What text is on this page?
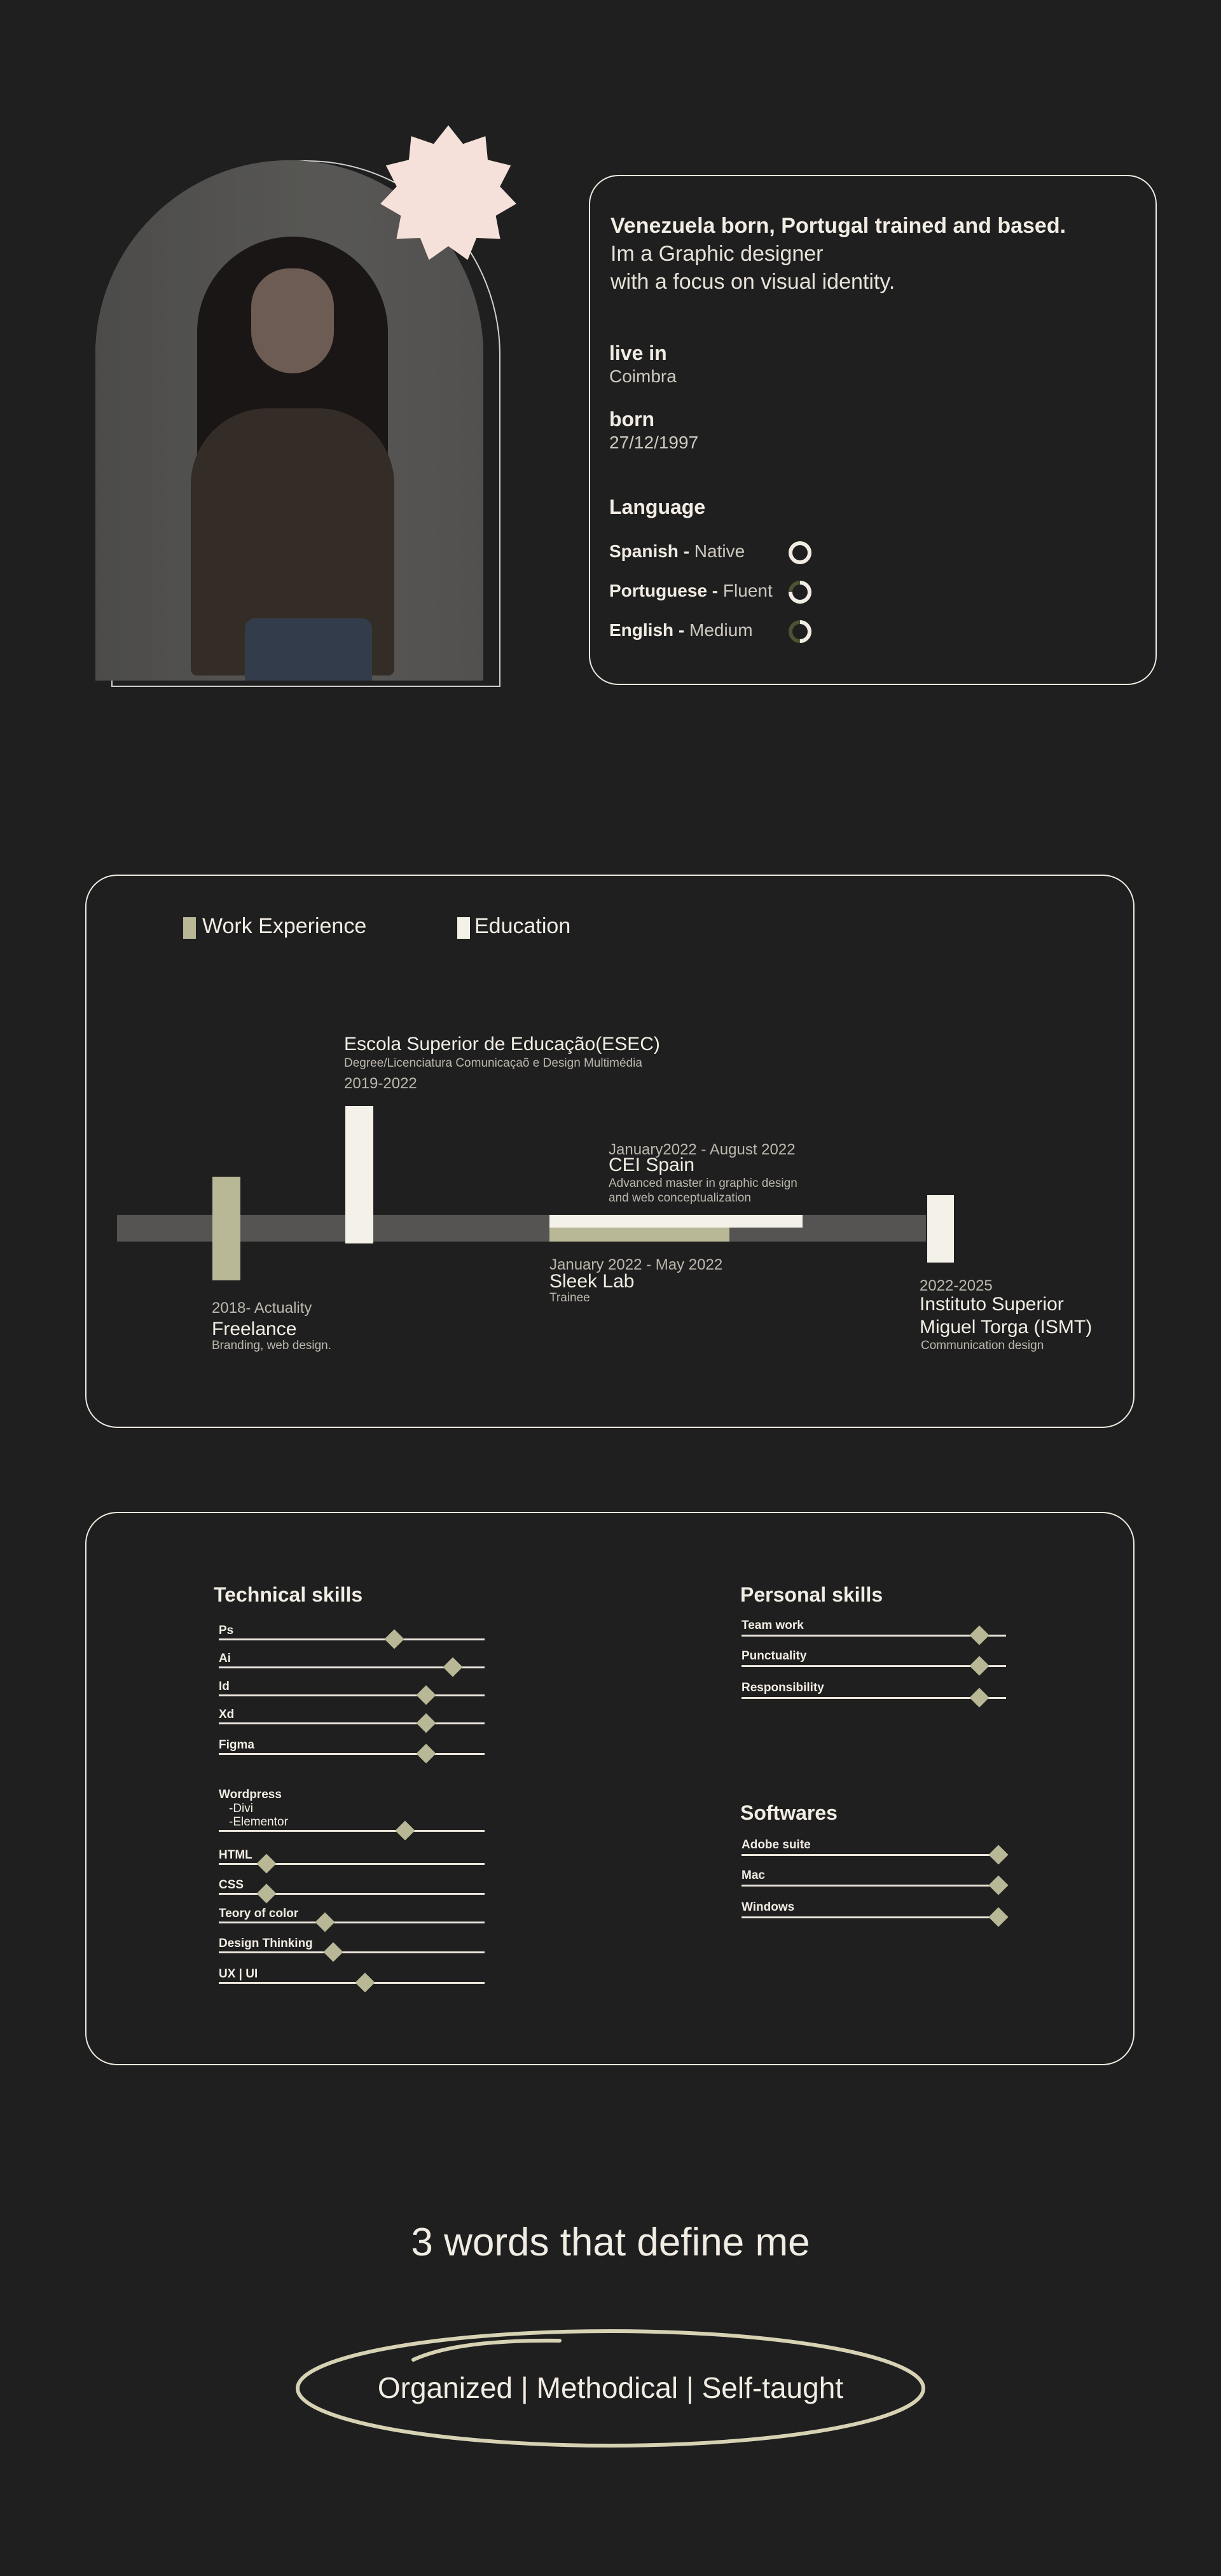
Venezuela born, Portugal trained and based.
Im a Graphic designer
with a focus on visual identity.
live in
Coimbra
born
27/12/1997
Language
Spanish - Native
Portuguese - Fluent
English - Medium
Work Experience	Education
Escola Superior de Educação(ESEC)
Degree/Licenciatura Comunicaçaõ e Design Multimédia
2019-2022
2018- Actuality
Freelance
Branding, web design.
January2022 - August 2022
CEI Spain
Advanced master in graphic design
and web conceptualization
January 2022 - May 2022
Sleek Lab
Trainee
2022-2025
Instituto Superior
Miguel Torga (ISMT)
Communication design
Technical skills	Personal skills
Softwares
Ps
Ai
Id
Xd
Figma
HTML
CSS
Teory of color
Design Thinking
UX | UI
Team work
Punctuality
Responsibility
Adobe suite
Mac
Windows
Wordpress
-Divi
-Elementor
3 words that define me
Organized | Methodical | Self-taught
